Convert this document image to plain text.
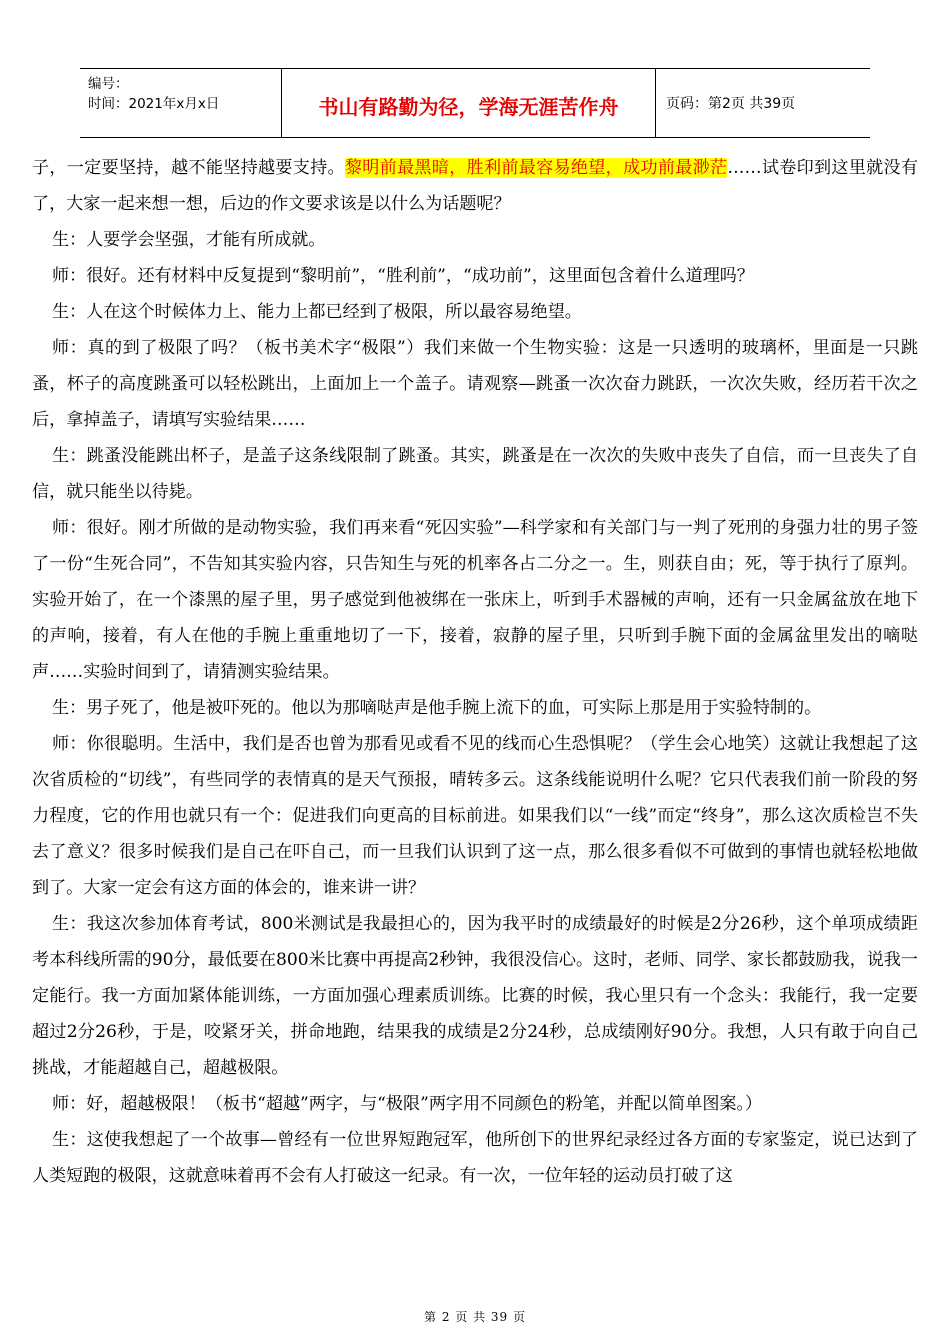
编号：
时间：2021年x月x日	书山有路勤为径，学海无涯苦作舟	页码：第2页 共39页

子，一定要坚持，越不能坚持越要支持。黎明前最黑暗，胜利前最容易绝望，成功前最渺茫……试卷印到这里就没有了，大家一起来想一想，后边的作文要求该是以什么为话题呢？

生：人要学会坚强，才能有所成就。

师：很好。还有材料中反复提到“黎明前”，“胜利前”，“成功前”，这里面包含着什么道理吗？

生：人在这个时候体力上、能力上都已经到了极限，所以最容易绝望。

师：真的到了极限了吗？（板书美术字“极限”）我们来做一个生物实验：这是一只透明的玻璃杯，里面是一只跳蚤，杯子的高度跳蚤可以轻松跳出，上面加上一个盖子。请观察—跳蚤一次次奋力跳跃，一次次失败，经历若干次之后，拿掉盖子，请填写实验结果……

生：跳蚤没能跳出杯子，是盖子这条线限制了跳蚤。其实，跳蚤是在一次次的失败中丧失了自信，而一旦丧失了自信，就只能坐以待毙。

师：很好。刚才所做的是动物实验，我们再来看“死囚实验”—科学家和有关部门与一判了死刑的身强力壮的男子签了一份“生死合同”，不告知其实验内容，只告知生与死的机率各占二分之一。生，则获自由；死，等于执行了原判。实验开始了，在一个漆黑的屋子里，男子感觉到他被绑在一张床上，听到手术器械的声响，还有一只金属盆放在地下的声响，接着，有人在他的手腕上重重地切了一下，接着，寂静的屋子里，只听到手腕下面的金属盆里发出的嘀哒声……实验时间到了，请猜测实验结果。

生：男子死了，他是被吓死的。他以为那嘀哒声是他手腕上流下的血，可实际上那是用于实验特制的。

师：你很聪明。生活中，我们是否也曾为那看见或看不见的线而心生恐惧呢？（学生会心地笑）这就让我想起了这次省质检的“切线”，有些同学的表情真的是天气预报，晴转多云。这条线能说明什么呢？它只代表我们前一阶段的努力程度，它的作用也就只有一个：促进我们向更高的目标前进。如果我们以“一线”而定“终身”，那么这次质检岂不失去了意义？很多时候我们是自己在吓自己，而一旦我们认识到了这一点，那么很多看似不可做到的事情也就轻松地做到了。大家一定会有这方面的体会的，谁来讲一讲？

生：我这次参加体育考试，800米测试是我最担心的，因为我平时的成绩最好的时候是2分26秒，这个单项成绩距考本科线所需的90分，最低要在800米比赛中再提高2秒钟，我很没信心。这时，老师、同学、家长都鼓励我，说我一定能行。我一方面加紧体能训练，一方面加强心理素质训练。比赛的时候，我心里只有一个念头：我能行，我一定要超过2分26秒，于是，咬紧牙关，拼命地跑，结果我的成绩是2分24秒，总成绩刚好90分。我想，人只有敢于向自己挑战，才能超越自己，超越极限。

师：好，超越极限！（板书“超越”两字，与“极限”两字用不同颜色的粉笔，并配以简单图案。）

生：这使我想起了一个故事—曾经有一位世界短跑冠军，他所创下的世界纪录经过各方面的专家鉴定，说已达到了人类短跑的极限，这就意味着再不会有人打破这一纪录。有一次，一位年轻的运动员打破了这

第 2 页 共 39 页
